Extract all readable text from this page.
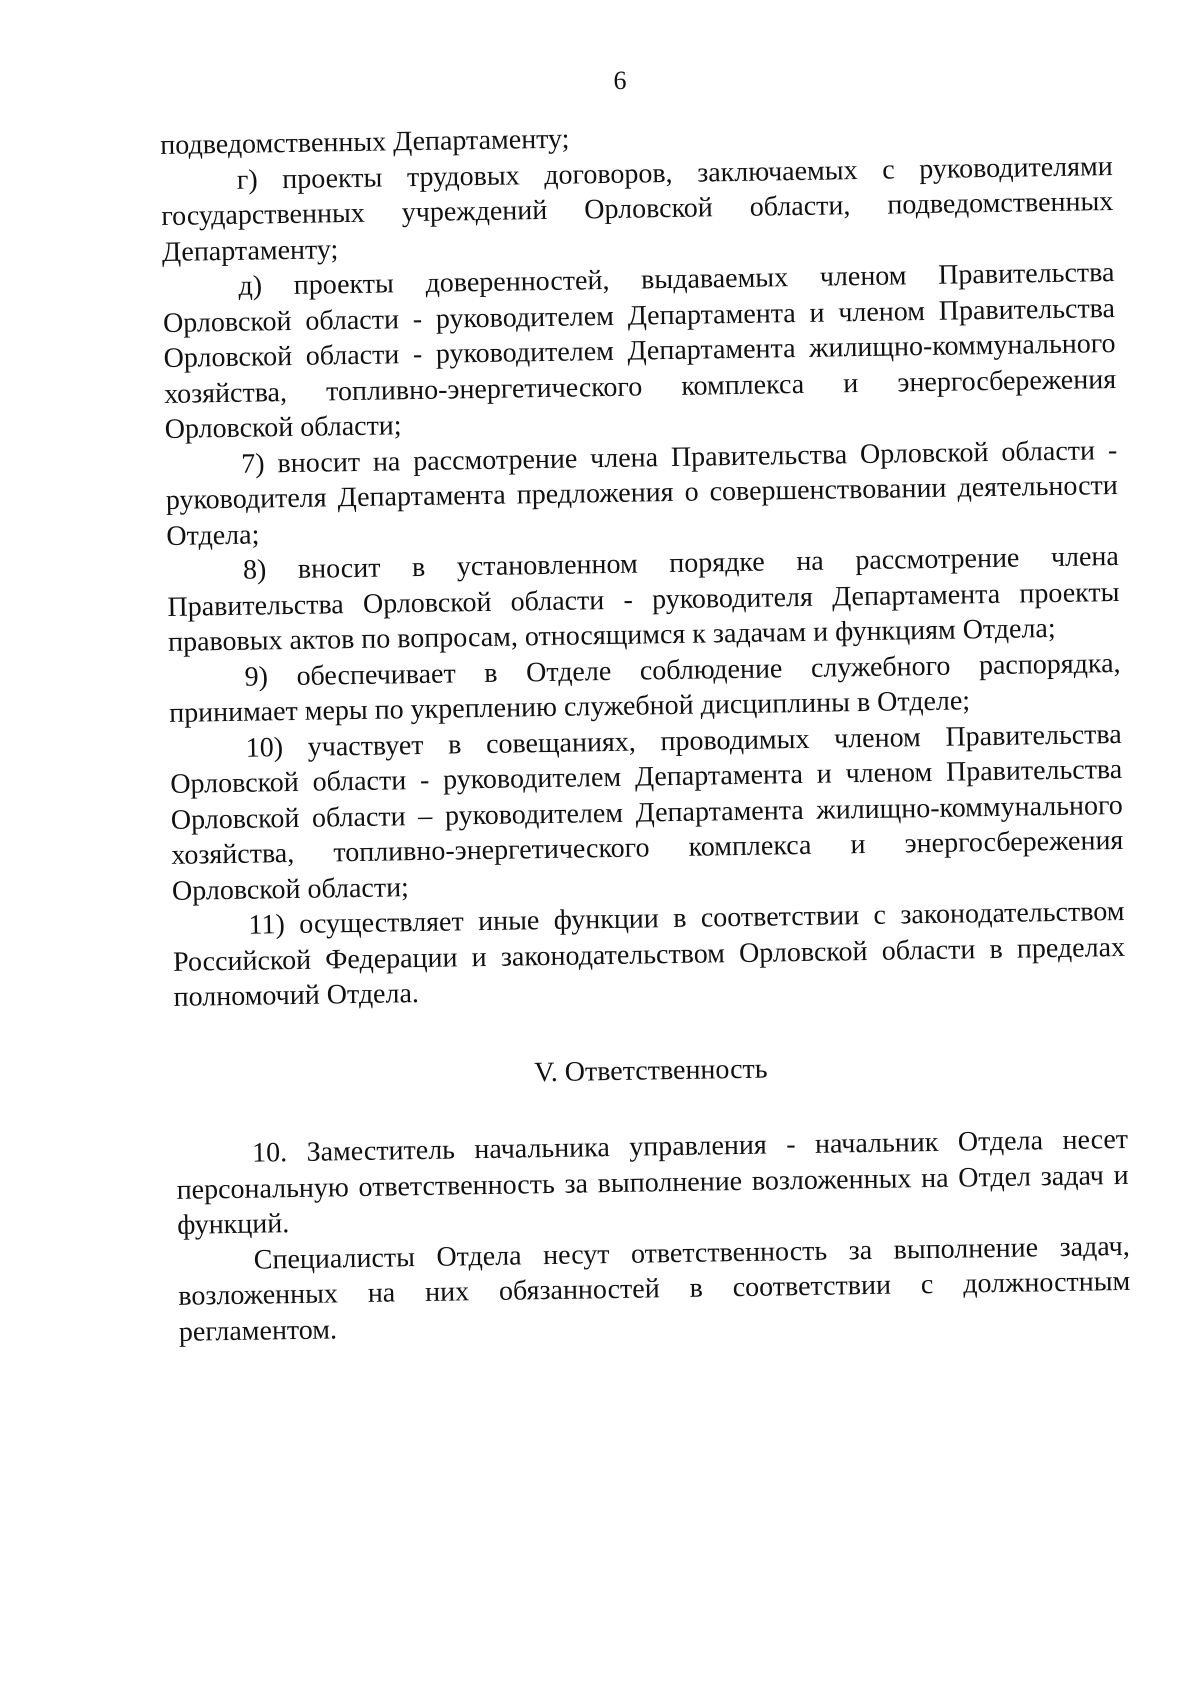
6

подведомственных Департаменту;

г) проекты трудовых договоров, заключаемых с руководителями государственных учреждений Орловской области, подведомственных Департаменту;

д) проекты доверенностей, выдаваемых членом Правительства Орловской области - руководителем Департамента и членом Правительства Орловской области - руководителем Департамента жилищно-коммунального хозяйства, топливно-энергетического комплекса и энергосбережения Орловской области;

7) вносит на рассмотрение члена Правительства Орловской области - руководителя Департамента предложения о совершенствовании деятельности Отдела;

8) вносит в установленном порядке на рассмотрение члена Правительства Орловской области - руководителя Департамента проекты правовых актов по вопросам, относящимся к задачам и функциям Отдела;

9) обеспечивает в Отделе соблюдение служебного распорядка, принимает меры по укреплению служебной дисциплины в Отделе;

10) участвует в совещаниях, проводимых членом Правительства Орловской области - руководителем Департамента и членом Правительства Орловской области – руководителем Департамента жилищно-коммунального хозяйства, топливно-энергетического комплекса и энергосбережения Орловской области;

11) осуществляет иные функции в соответствии с законодательством Российской Федерации и законодательством Орловской области в пределах полномочий Отдела.

V. Ответственность

10. Заместитель начальника управления - начальник Отдела несет персональную ответственность за выполнение возложенных на Отдел задач и функций.

Специалисты Отдела несут ответственность за выполнение задач, возложенных на них обязанностей в соответствии с должностным регламентом.
